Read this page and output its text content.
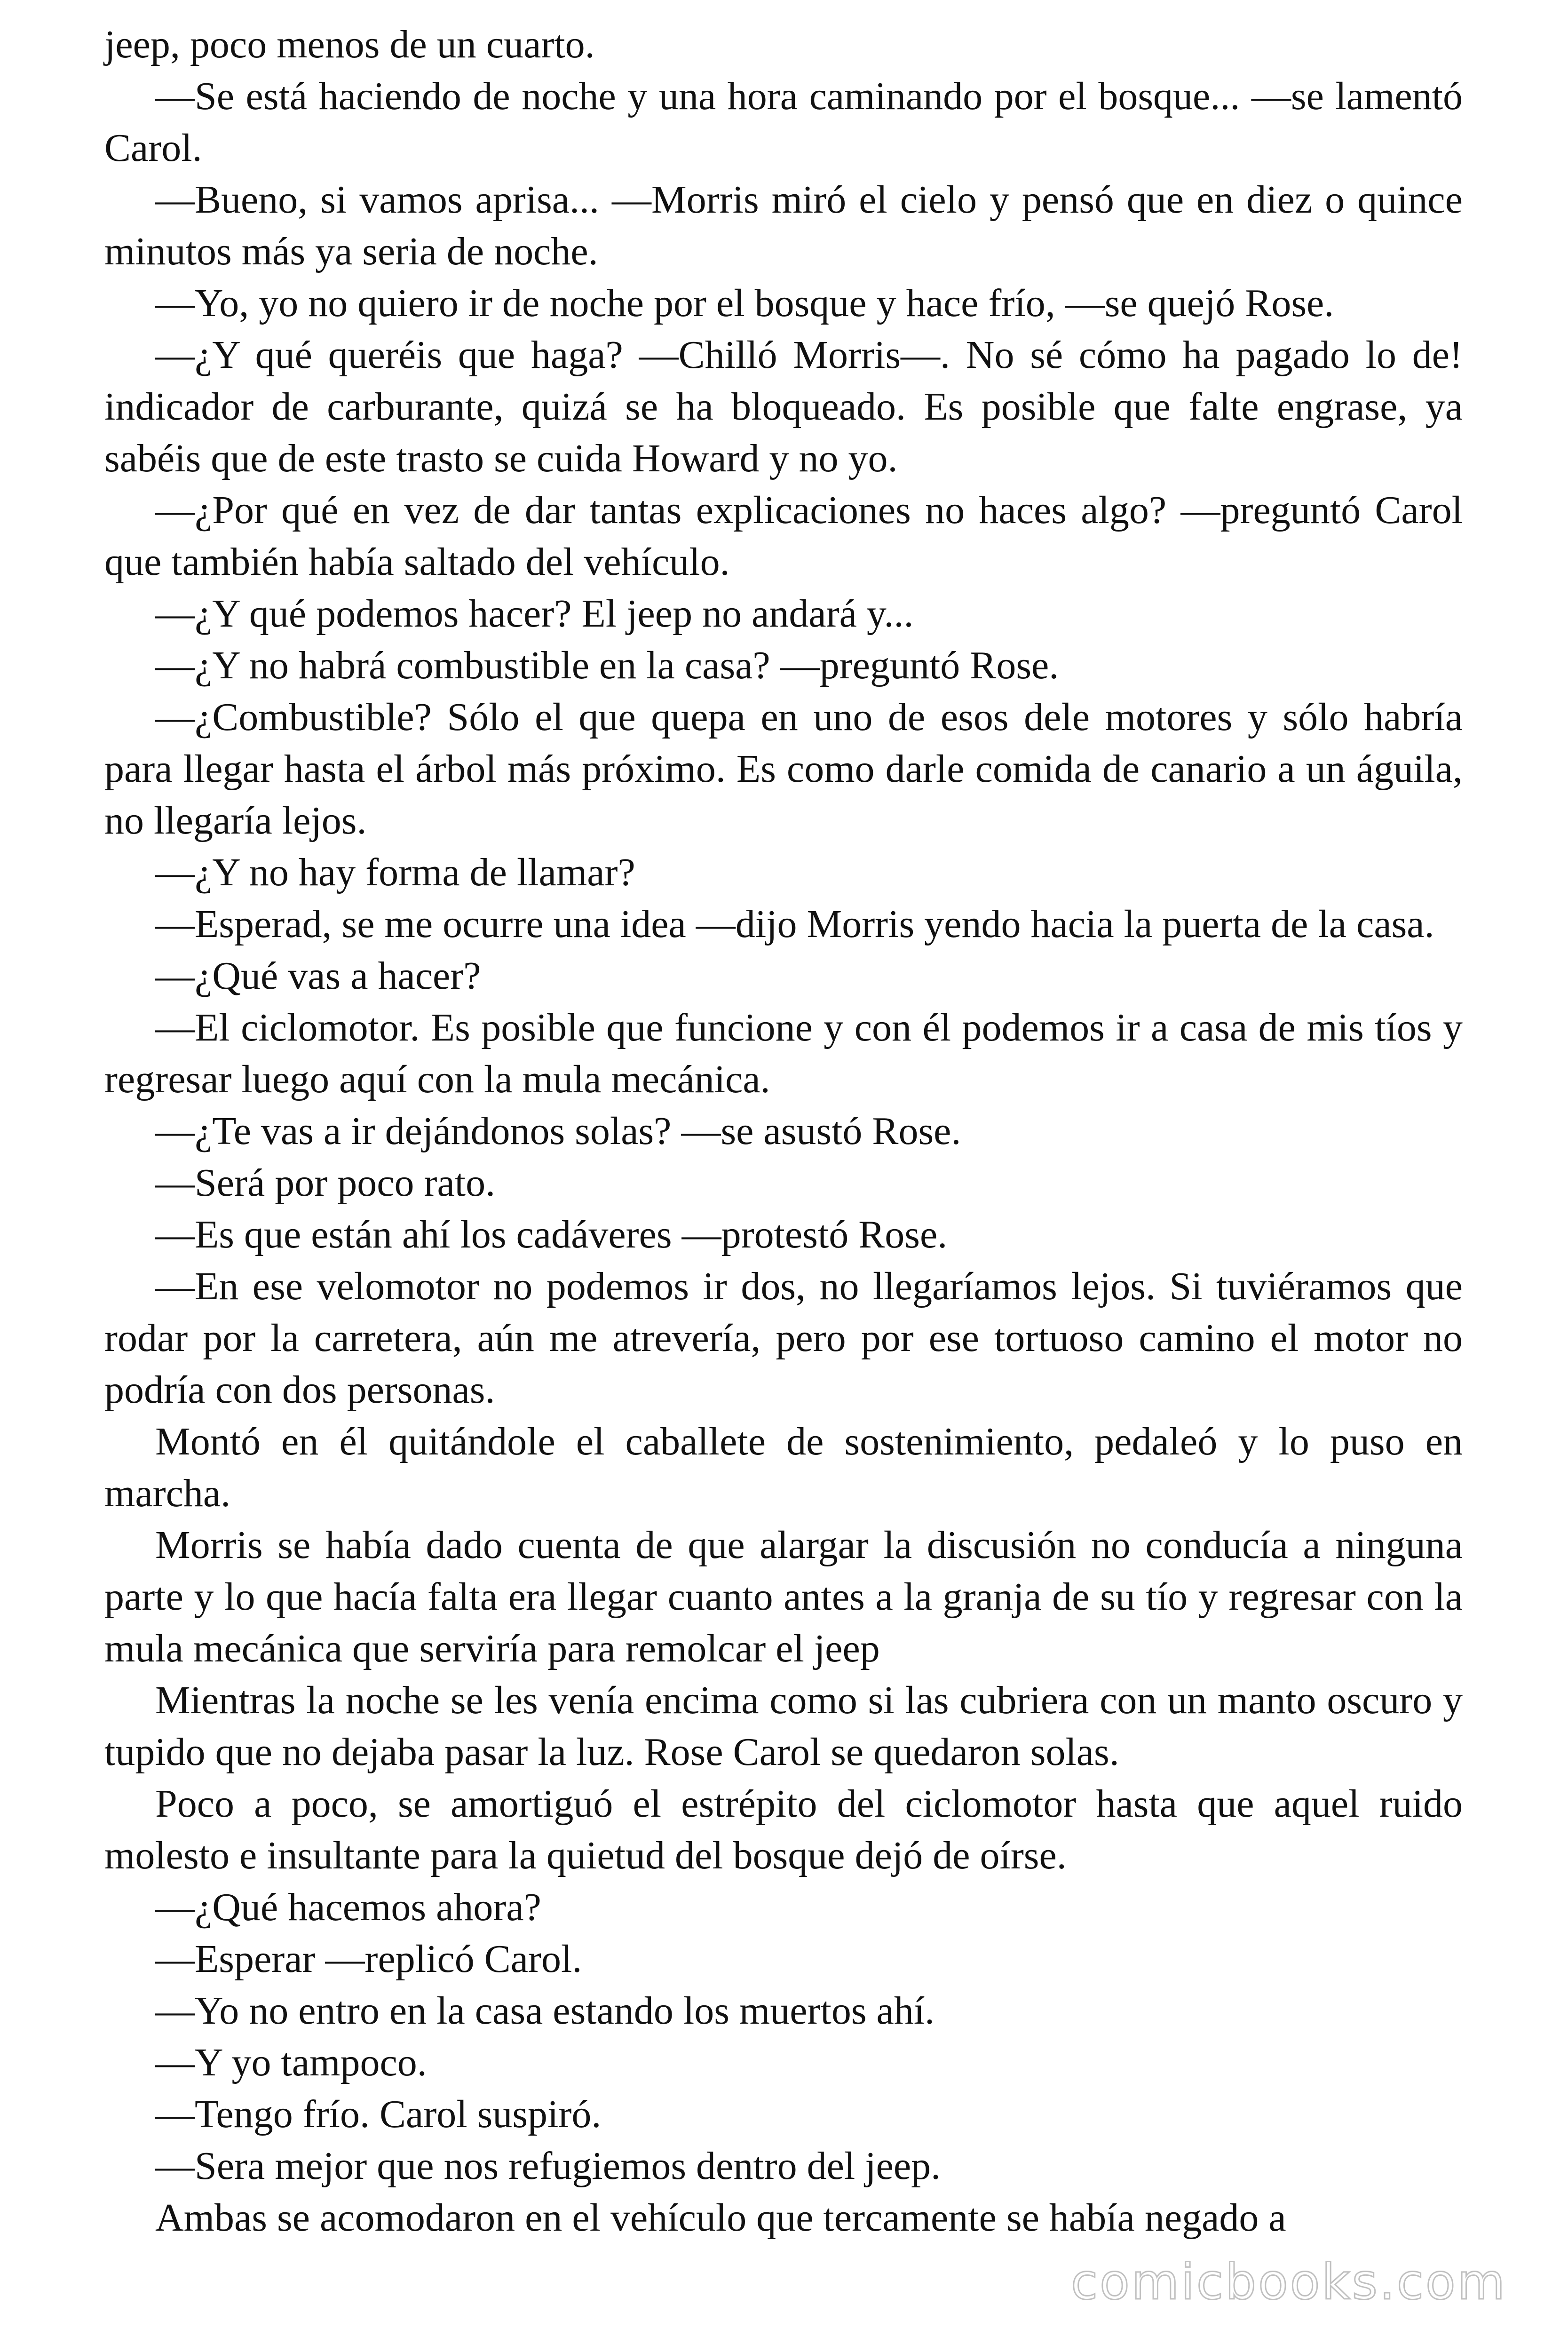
jeep, poco menos de un cuarto.

—Se está haciendo de noche y una hora caminando por el bosque... —se lamentó Carol.

—Bueno, si vamos aprisa... —Morris miró el cielo y pensó que en diez o quince minutos más ya seria de noche.

—Yo, yo no quiero ir de noche por el bosque y hace frío, —se quejó Rose.

—¿Y qué queréis que haga? —Chilló Morris—. No sé cómo ha pagado lo de! indicador de carburante, quizá se ha bloqueado. Es posible que falte engrase, ya sabéis que de este trasto se cuida Howard y no yo.

—¿Por qué en vez de dar tantas explicaciones no haces algo? —preguntó Carol que también había saltado del vehículo.

—¿Y qué podemos hacer? El jeep no andará y...

—¿Y no habrá combustible en la casa? —preguntó Rose.

—¿Combustible? Sólo el que quepa en uno de esos dele motores y sólo habría para llegar hasta el árbol más próximo. Es como darle comida de canario a un águila, no llegaría lejos.

—¿Y no hay forma de llamar?

—Esperad, se me ocurre una idea —dijo Morris yendo hacia la puerta de la casa.

—¿Qué vas a hacer?

—El ciclomotor. Es posible que funcione y con él podemos ir a casa de mis tíos y regresar luego aquí con la mula mecánica.

—¿Te vas a ir dejándonos solas? —se asustó Rose.

—Será por poco rato.

—Es que están ahí los cadáveres —protestó Rose.

—En ese velomotor no podemos ir dos, no llegaríamos lejos. Si tuviéramos que rodar por la carretera, aún me atrevería, pero por ese tortuoso camino el motor no podría con dos personas.

Montó en él quitándole el caballete de sostenimiento, pedaleó y lo puso en marcha.

Morris se había dado cuenta de que alargar la discusión no conducía a ninguna parte y lo que hacía falta era llegar cuanto antes a la granja de su tío y regresar con la mula mecánica que serviría para remolcar el jeep

Mientras la noche se les venía encima como si las cubriera con un manto oscuro y tupido que no dejaba pasar la luz. Rose Carol se quedaron solas.

Poco a poco, se amortiguó el estrépito del ciclomotor hasta que aquel ruido molesto e insultante para la quietud del bosque dejó de oírse.

—¿Qué hacemos ahora?

—Esperar —replicó Carol.

—Yo no entro en la casa estando los muertos ahí.

—Y yo tampoco.

—Tengo frío. Carol suspiró.

—Sera mejor que nos refugiemos dentro del jeep.

Ambas se acomodaron en el vehículo que tercamente se había negado a

comicbooks.com
